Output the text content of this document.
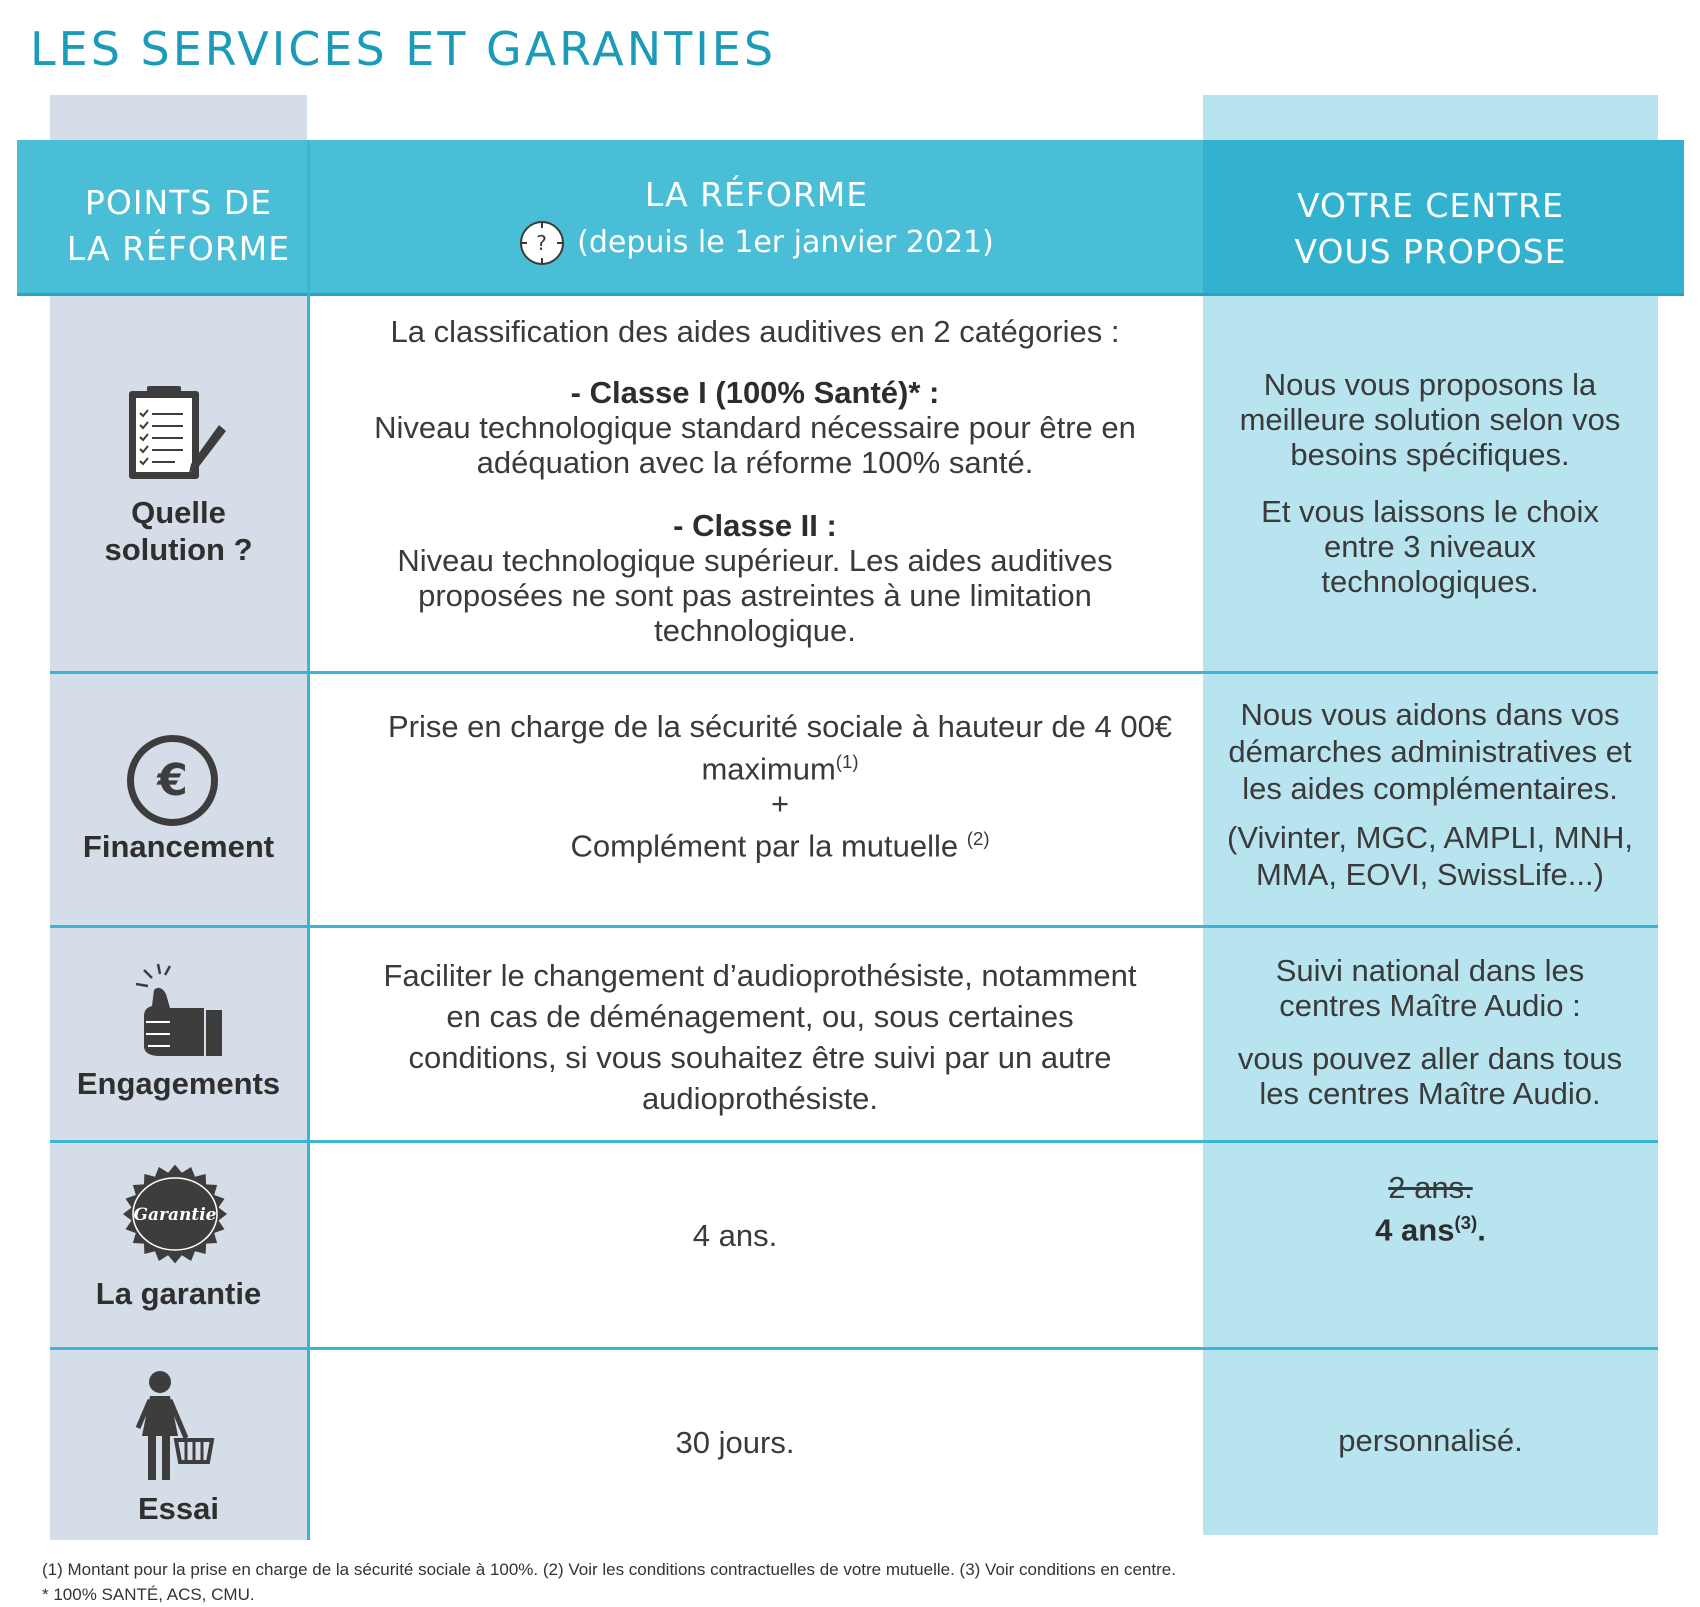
LES SERVICES ET GARANTIES
POINTS DE
LA RÉFORME
LA RÉFORME
? (depuis le 1er janvier 2021)
VOTRE CENTRE
VOUS PROPOSE
Quelle
solution ?

La classification des aides auditives en 2 catégories :

- Classe I (100% Santé)* :

Niveau technologique standard nécessaire pour être en adéquation avec la réforme 100% santé.

- Classe II :

Niveau technologique supérieur. Les aides auditives proposées ne sont pas astreintes à une limitation technologique.

Nous vous proposons la meilleure solution selon vos besoins spécifiques.

Et vous laissons le choix entre 3 niveaux technologiques.

€
Financement

Prise en charge de la sécurité sociale à hauteur de 4 00€ maximum$^{(1)}$

+

Complément par la mutuelle $^{(2)}$

Nous vous aidons dans vos démarches administratives et les aides complémentaires.

(Vivinter, MGC, AMPLI, MNH, MMA, EOVI, SwissLife...)

Engagements
Faciliter le changement d’audioprothésiste, notamment en cas de déménagement, ou, sous certaines conditions, si vous souhaitez être suivi par un autre audioprothésiste.

Suivi national dans les centres Maître Audio :

vous pouvez aller dans tous les centres Maître Audio.

Garantie
La garantie
4 ans.

2 ans.

4 ans$^{(3)}$.

Essai
30 jours.	personnalisé.
(1) Montant pour la prise en charge de la sécurité sociale à 100%. (2) Voir les conditions contractuelles de votre mutuelle. (3) Voir conditions en centre.
* 100% SANTÉ, ACS, CMU.
